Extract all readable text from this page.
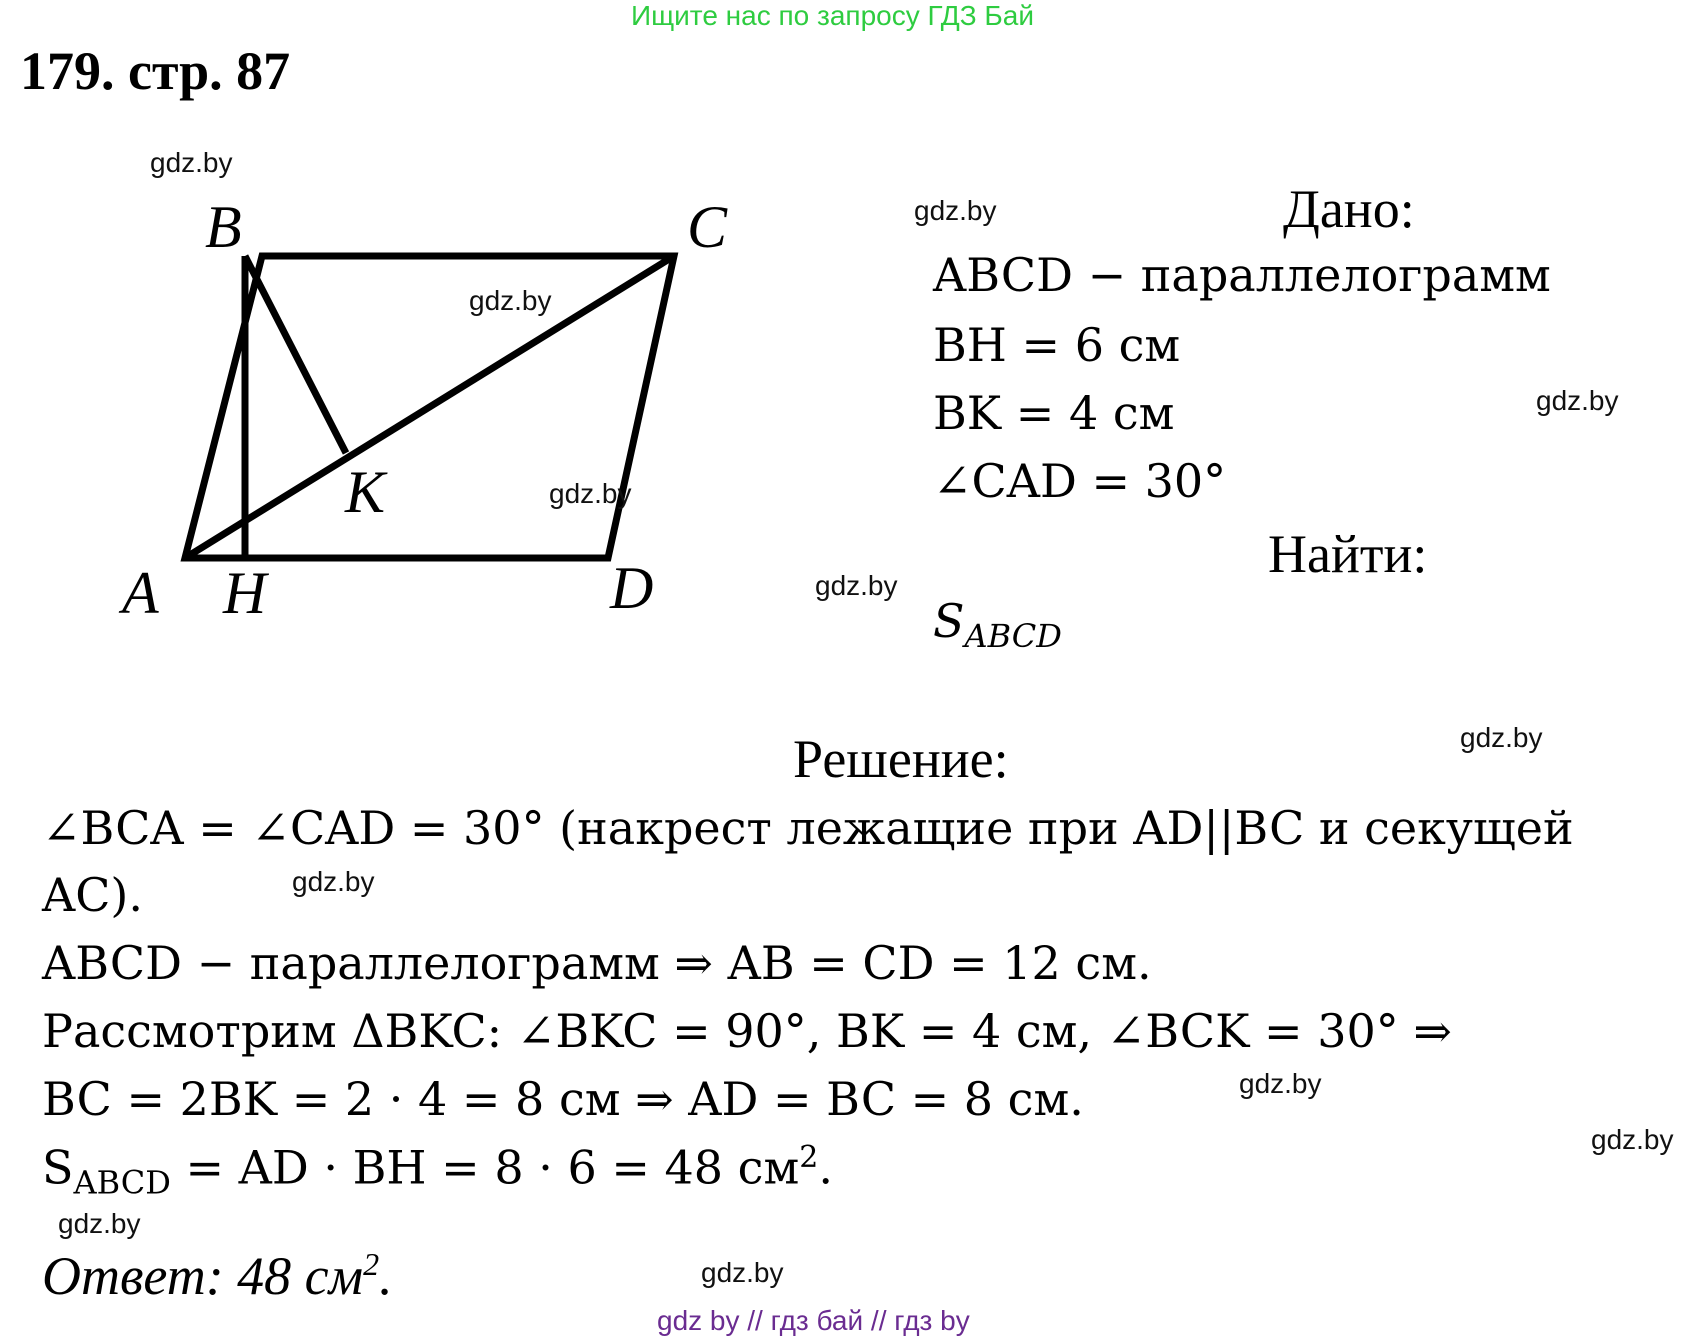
Ищите нас по запросу ГДЗ Бай
179. стр. 87
B	C
A H	D
K
Дано:
ABCD − параллелограмм
BH = 6 см
BK = 4 см
∠CAD = 30°
Найти:
$S_{ABCD}$
Решение:
∠BCA = ∠CAD = 30° (накрест лежащие при AD||BC и секущей
AC).
ABCD − параллелограмм ⇒ AB = CD = 12 см.
Рассмотрим ΔBKC: ∠BKC = 90°, BK = 4 см, ∠BCK = 30° ⇒
BC = 2BK = 2 · 4 = 8 см ⇒ AD = BC = 8 см.
$S_{ABCD}$ = AD · BH = 8 · 6 = 48 $см^2$.
Ответ: 48 $см^2$.
gdz.by
gdz.by
gdz.by
gdz.by
gdz.by
gdz.by
gdz.by
gdz.by
gdz.by
gdz.by
gdz.by
gdz.by
gdz by // гдз бай // гдз by
